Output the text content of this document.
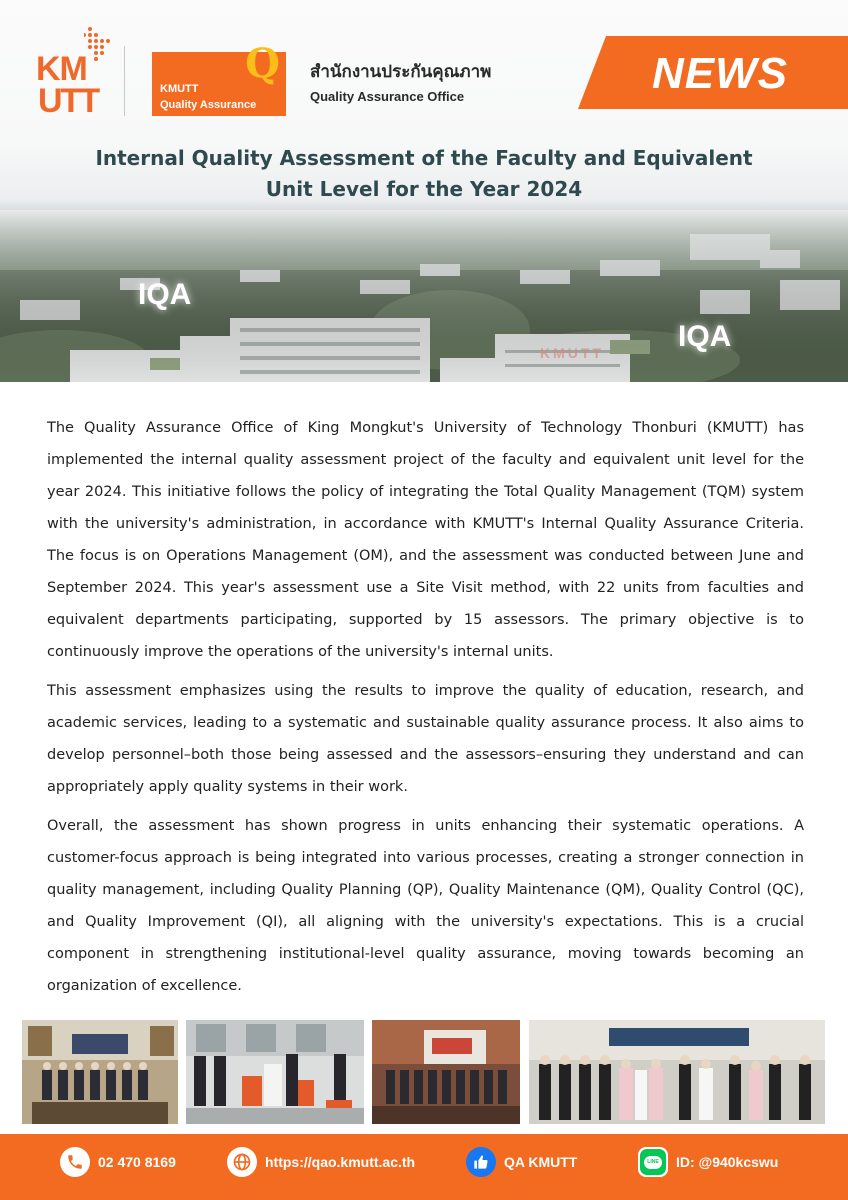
KM
UTT
Q
KMUTT
Quality Assurance
สำนักงานประกันคุณภาพ
Quality Assurance Office	NEWS
Internal Quality Assessment of the Faculty and Equivalent
Unit Level for the Year 2024
IQA
IQA
KMUTT

The Quality Assurance Office of King Mongkut's University of Technology Thonburi (KMUTT) has implemented the internal quality assessment project of the faculty and equivalent unit level for the year 2024. This initiative follows the policy of integrating the Total Quality Management (TQM) system with the university's administration, in accordance with KMUTT's Internal Quality Assurance Criteria. The focus is on Operations Management (OM), and the assessment was conducted between June and September 2024. This year's assessment use a Site Visit method, with 22 units from faculties and equivalent departments participating, supported by 15 assessors. The primary objective is to continuously improve the operations of the university's internal units.

This assessment emphasizes using the results to improve the quality of education, research, and academic services, leading to a systematic and sustainable quality assurance process. It also aims to develop personnel–both those being assessed and the assessors–ensuring they understand and can appropriately apply quality systems in their work.

Overall, the assessment has shown progress in units enhancing their systematic operations. A customer-focus approach is being integrated into various processes, creating a stronger connection in quality management, including Quality Planning (QP), Quality Maintenance (QM), Quality Control (QC), and Quality Improvement (QI), all aligning with the university's expectations. This is a crucial component in strengthening institutional-level quality assurance, moving towards becoming an organization of excellence.

02 470 8169	https://qao.kmutt.ac.th	QA KMUTT	LINE ID: @940kcswu
